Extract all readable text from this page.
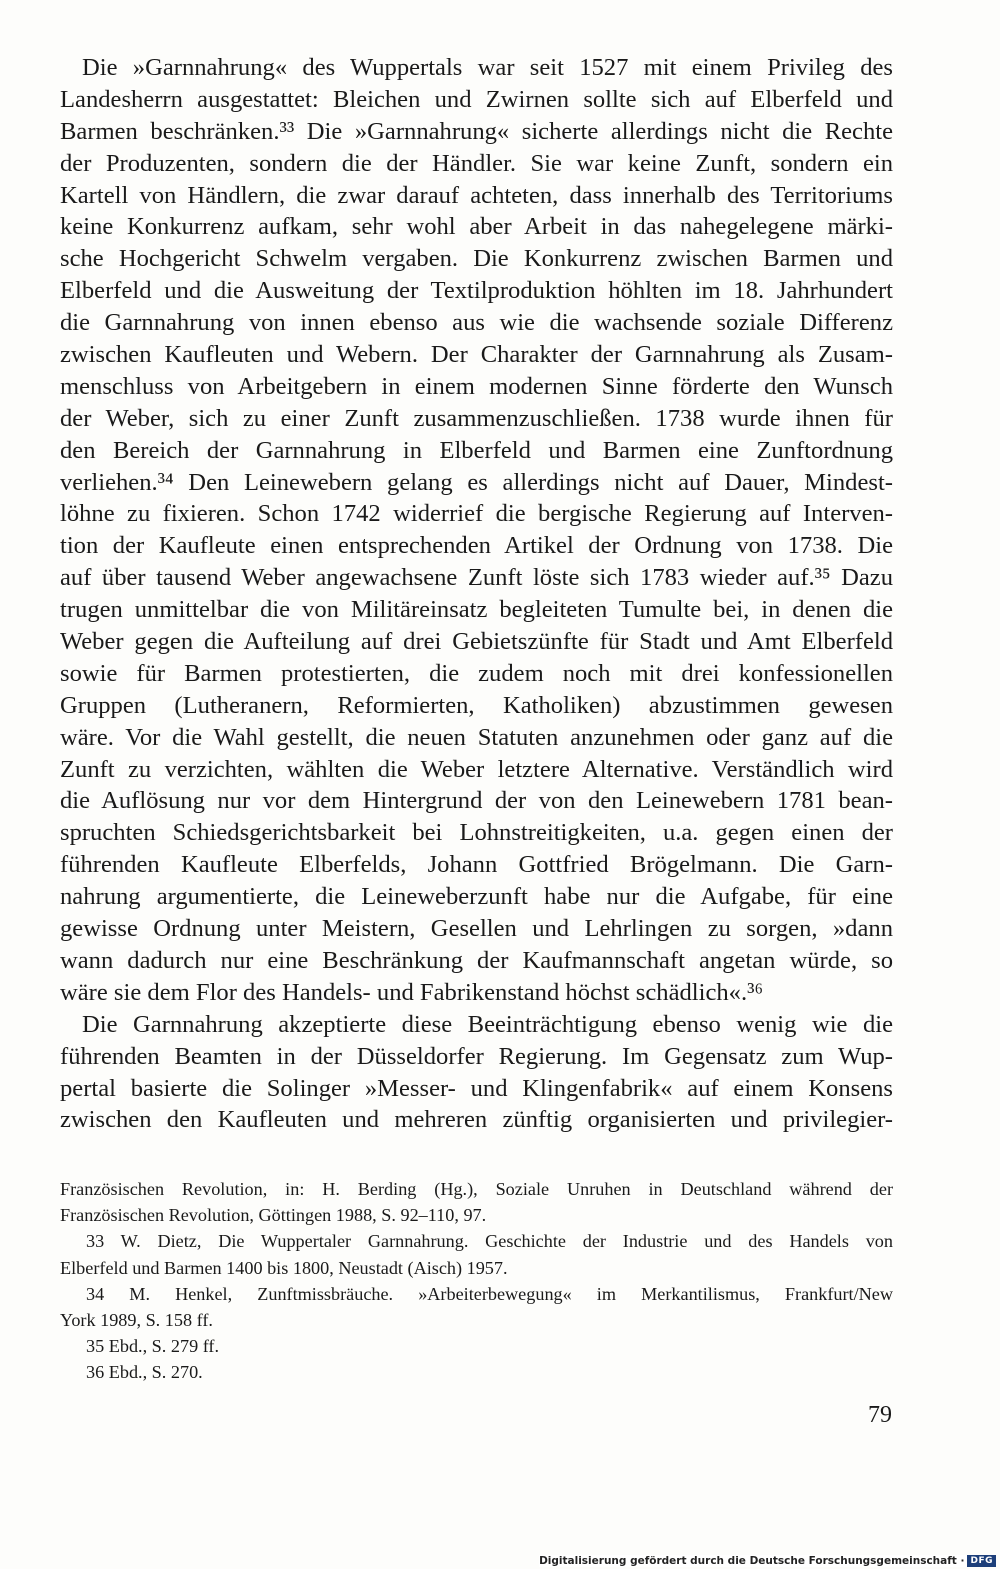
Die »Garnnahrung« des Wuppertals war seit 1527 mit einem Privileg des
Landesherrn ausgestattet: Bleichen und Zwirnen sollte sich auf Elberfeld und
Barmen beschränken.³³ Die »Garnnahrung« sicherte allerdings nicht die Rechte
der Produzenten, sondern die der Händler. Sie war keine Zunft, sondern ein
Kartell von Händlern, die zwar darauf achteten, dass innerhalb des Territoriums
keine Konkurrenz aufkam, sehr wohl aber Arbeit in das nahegelegene märki-
sche Hochgericht Schwelm vergaben. Die Konkurrenz zwischen Barmen und
Elberfeld und die Ausweitung der Textilproduktion höhlten im 18. Jahrhundert
die Garnnahrung von innen ebenso aus wie die wachsende soziale Differenz
zwischen Kaufleuten und Webern. Der Charakter der Garnnahrung als Zusam-
menschluss von Arbeitgebern in einem modernen Sinne förderte den Wunsch
der Weber, sich zu einer Zunft zusammenzuschließen. 1738 wurde ihnen für
den Bereich der Garnnahrung in Elberfeld und Barmen eine Zunftordnung
verliehen.³⁴ Den Leinewebern gelang es allerdings nicht auf Dauer, Mindest-
löhne zu fixieren. Schon 1742 widerrief die bergische Regierung auf Interven-
tion der Kaufleute einen entsprechenden Artikel der Ordnung von 1738. Die
auf über tausend Weber angewachsene Zunft löste sich 1783 wieder auf.³⁵ Dazu
trugen unmittelbar die von Militäreinsatz begleiteten Tumulte bei, in denen die
Weber gegen die Aufteilung auf drei Gebietszünfte für Stadt und Amt Elberfeld
sowie für Barmen protestierten, die zudem noch mit drei konfessionellen
Gruppen (Lutheranern, Reformierten, Katholiken) abzustimmen gewesen
wäre. Vor die Wahl gestellt, die neuen Statuten anzunehmen oder ganz auf die
Zunft zu verzichten, wählten die Weber letztere Alternative. Verständlich wird
die Auflösung nur vor dem Hintergrund der von den Leinewebern 1781 bean-
spruchten Schiedsgerichtsbarkeit bei Lohnstreitigkeiten, u.a. gegen einen der
führenden Kaufleute Elberfelds, Johann Gottfried Brögelmann. Die Garn-
nahrung argumentierte, die Leineweberzunft habe nur die Aufgabe, für eine
gewisse Ordnung unter Meistern, Gesellen und Lehrlingen zu sorgen, »dann
wann dadurch nur eine Beschränkung der Kaufmannschaft angetan würde, so
wäre sie dem Flor des Handels- und Fabrikenstand höchst schädlich«.³⁶
Die Garnnahrung akzeptierte diese Beeinträchtigung ebenso wenig wie die
führenden Beamten in der Düsseldorfer Regierung. Im Gegensatz zum Wup-
pertal basierte die Solinger »Messer- und Klingenfabrik« auf einem Konsens
zwischen den Kaufleuten und mehreren zünftig organisierten und privilegier-
Französischen Revolution, in: H. Berding (Hg.), Soziale Unruhen in Deutschland während der
Französischen Revolution, Göttingen 1988, S. 92–110, 97.
33 W. Dietz, Die Wuppertaler Garnnahrung. Geschichte der Industrie und des Handels von
Elberfeld und Barmen 1400 bis 1800, Neustadt (Aisch) 1957.
34 M. Henkel, Zunftmissbräuche. »Arbeiterbewegung« im Merkantilismus, Frankfurt/New
York 1989, S. 158 ff.
35 Ebd., S. 279 ff.
36 Ebd., S. 270.
79
Digitalisierung gefördert durch die Deutsche Forschungsgemeinschaft · DFG
